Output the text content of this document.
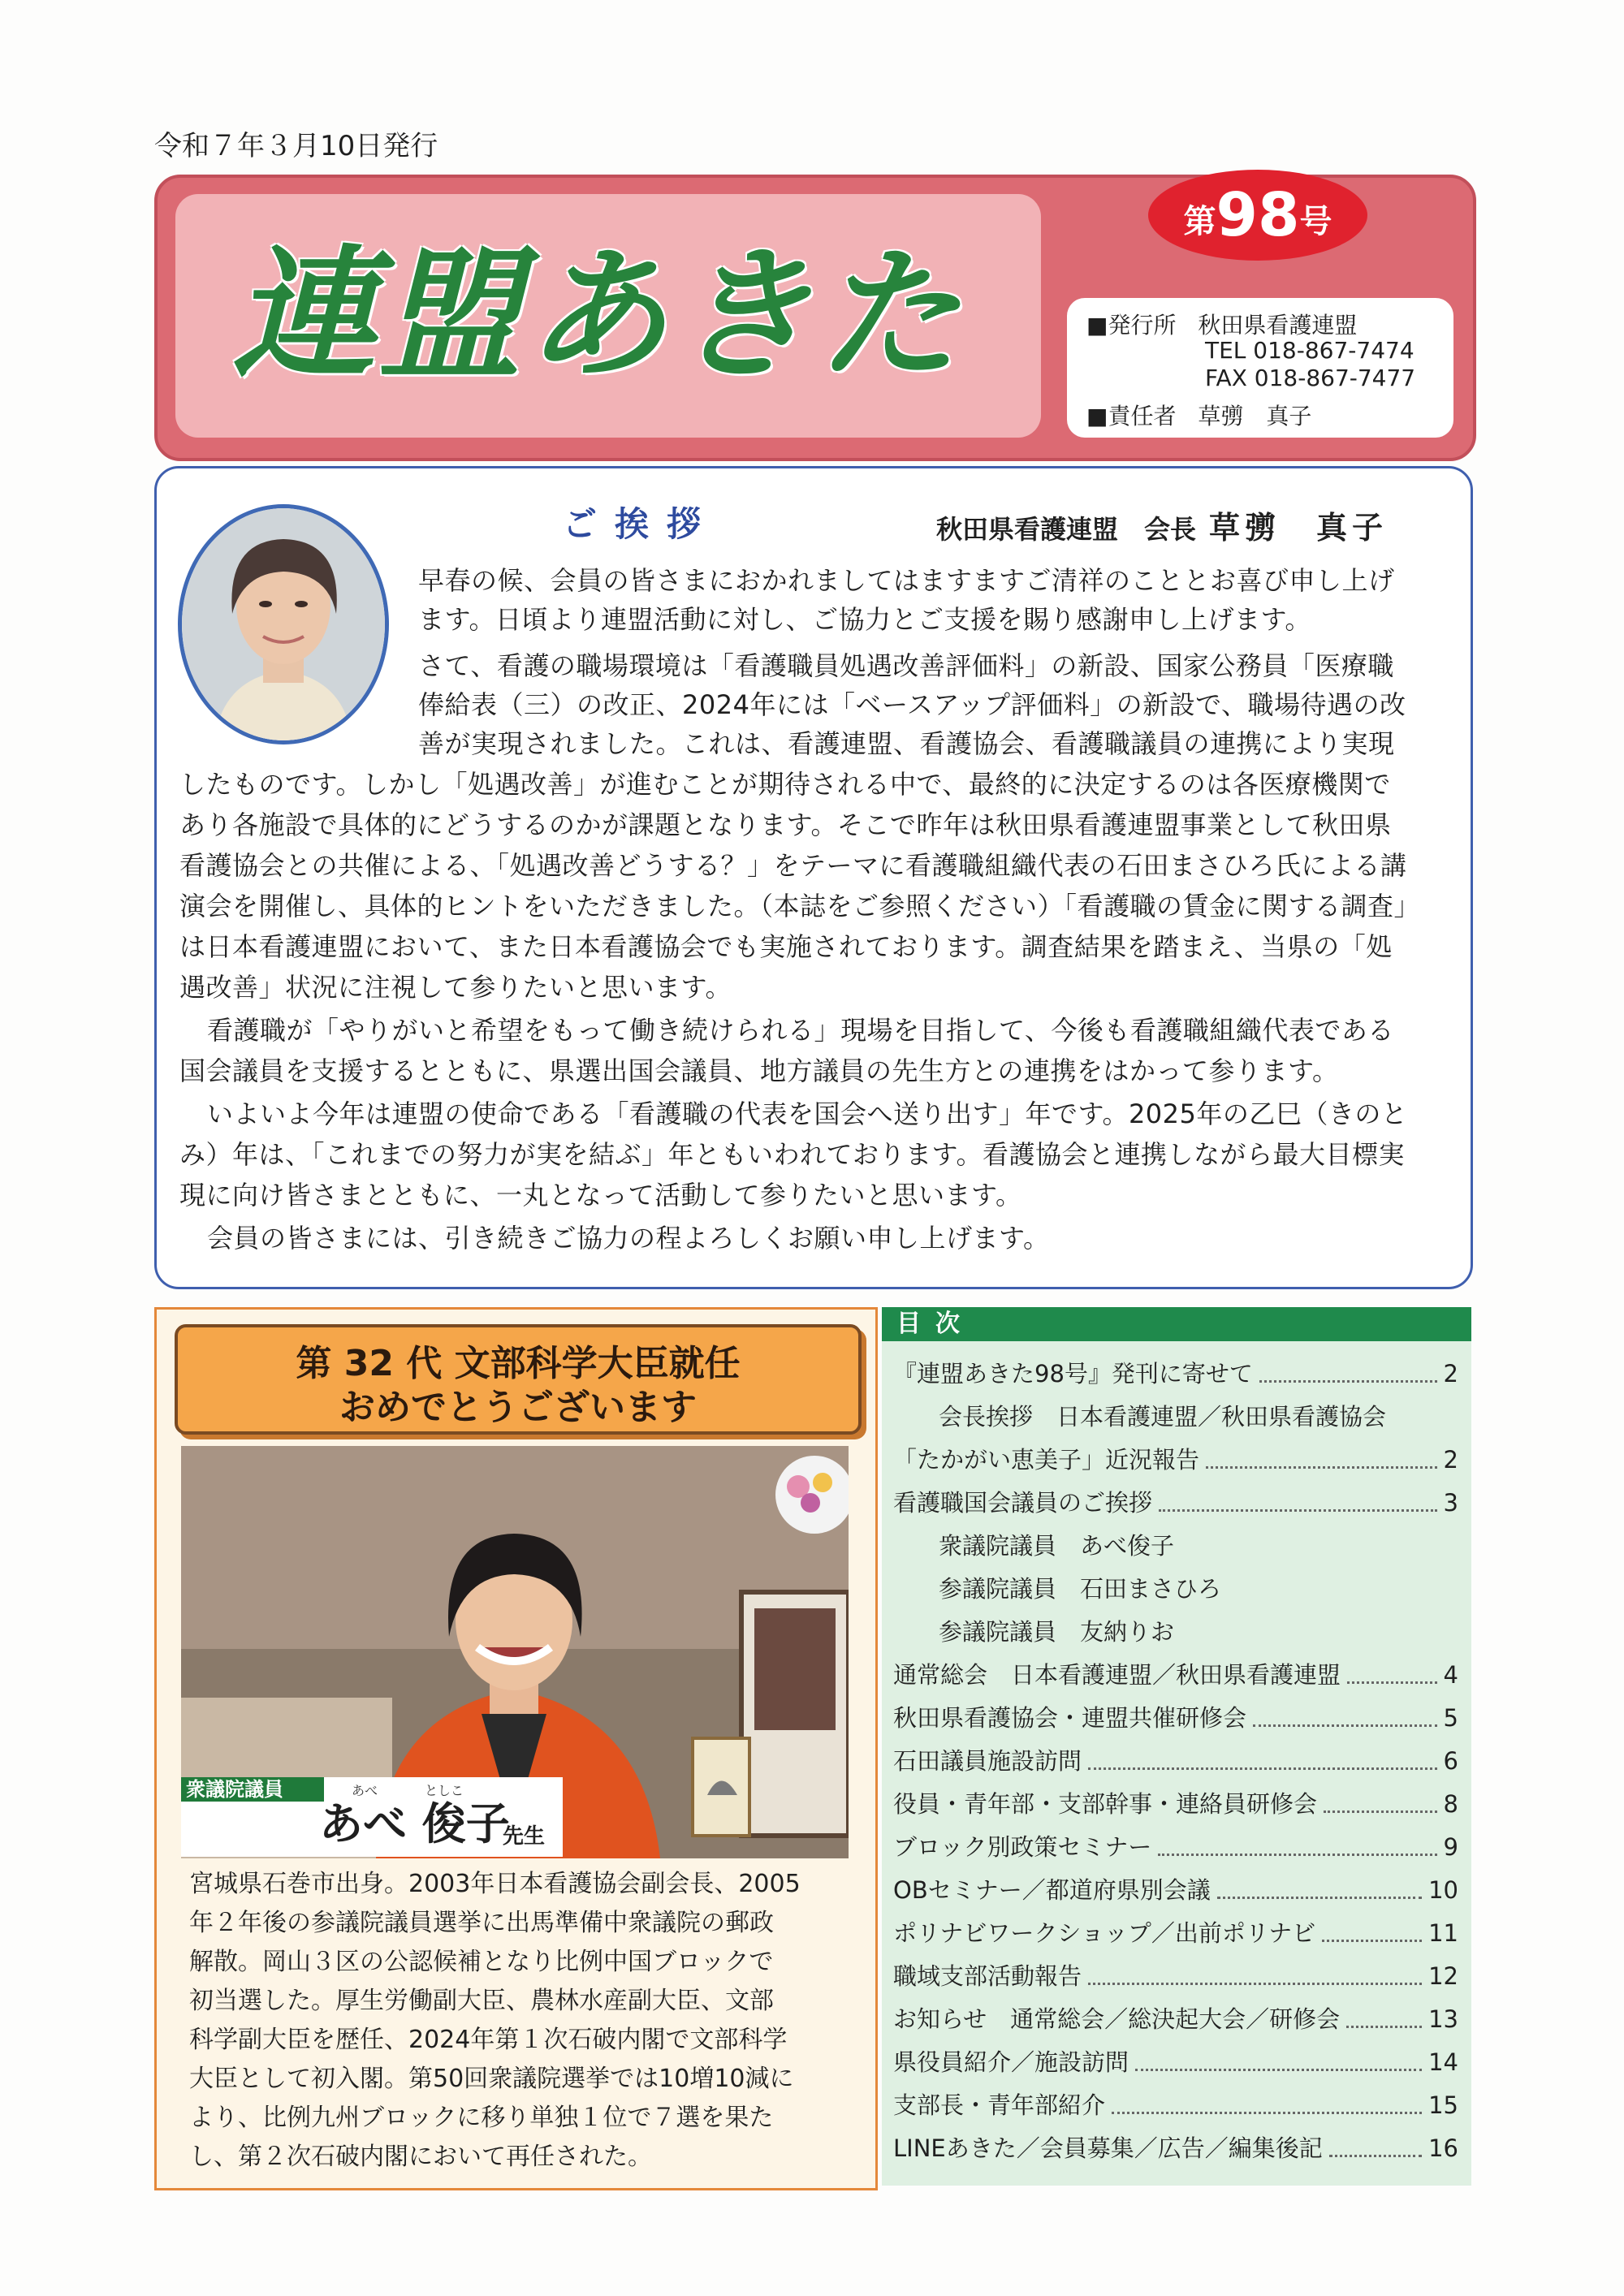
令和７年３月10日発行
連盟あきた
第98号
■発行所 秋田県看護連盟
TEL 018-867-7474
FAX 018-867-7477
■責任者 草彅　真子
ご挨拶	秋田県看護連盟　会長 草彅　真子
早春の候、会員の皆さまにおかれましてはますますご清祥のこととお喜び申し上げ
ます。日頃より連盟活動に対し、ご協力とご支援を賜り感謝申し上げます。
さて、看護の職場環境は「看護職員処遇改善評価料」の新設、国家公務員「医療職
俸給表（三）の改正、2024年には「ベースアップ評価料」の新設で、職場待遇の改
善が実現されました。これは、看護連盟、看護協会、看護職議員の連携により実現
したものです。しかし「処遇改善」が進むことが期待される中で、最終的に決定するのは各医療機関で
あり各施設で具体的にどうするのかが課題となります。そこで昨年は秋田県看護連盟事業として秋田県
看護協会との共催による、「処遇改善どうする？」をテーマに看護職組織代表の石田まさひろ氏による講
演会を開催し、具体的ヒントをいただきました。（本誌をご参照ください）「看護職の賃金に関する調査」
は日本看護連盟において、また日本看護協会でも実施されております。調査結果を踏まえ、当県の「処
遇改善」状況に注視して参りたいと思います。
看護職が「やりがいと希望をもって働き続けられる」現場を目指して、今後も看護職組織代表である
国会議員を支援するとともに、県選出国会議員、地方議員の先生方との連携をはかって参ります。
いよいよ今年は連盟の使命である「看護職の代表を国会へ送り出す」年です。2025年の乙巳（きのと
み）年は、「これまでの努力が実を結ぶ」年ともいわれております。看護協会と連携しながら最大目標実
現に向け皆さまとともに、一丸となって活動して参りたいと思います。
会員の皆さまには、引き続きご協力の程よろしくお願い申し上げます。
第 32 代 文部科学大臣就任
おめでとうございます
衆議院議員	あべ	としこ
あべ 俊子
先生
宮城県石巻市出身。2003年日本看護協会副会長、2005
年２年後の参議院議員選挙に出馬準備中衆議院の郵政
解散。岡山３区の公認候補となり比例中国ブロックで
初当選した。厚生労働副大臣、農林水産副大臣、文部
科学副大臣を歴任、2024年第１次石破内閣で文部科学
大臣として初入閣。第50回衆議院選挙では10増10減に
より、比例九州ブロックに移り単独１位で７選を果た
し、第２次石破内閣において再任された。
目次
『連盟あきた98号』発刊に寄せて	2
会長挨拶　日本看護連盟／秋田県看護協会
「たかがい恵美子」近況報告	2
看護職国会議員のご挨拶	3
衆議院議員　あべ俊子
参議院議員　石田まさひろ
参議院議員　友納りお
通常総会　日本看護連盟／秋田県看護連盟	4
秋田県看護協会・連盟共催研修会	5
石田議員施設訪問	6
役員・青年部・支部幹事・連絡員研修会	8
ブロック別政策セミナー	9
OBセミナー／都道府県別会議	10
ポリナビワークショップ／出前ポリナビ	11
職域支部活動報告	12
お知らせ　通常総会／総決起大会／研修会	13
県役員紹介／施設訪問	14
支部長・青年部紹介	15
LINEあきた／会員募集／広告／編集後記	16
